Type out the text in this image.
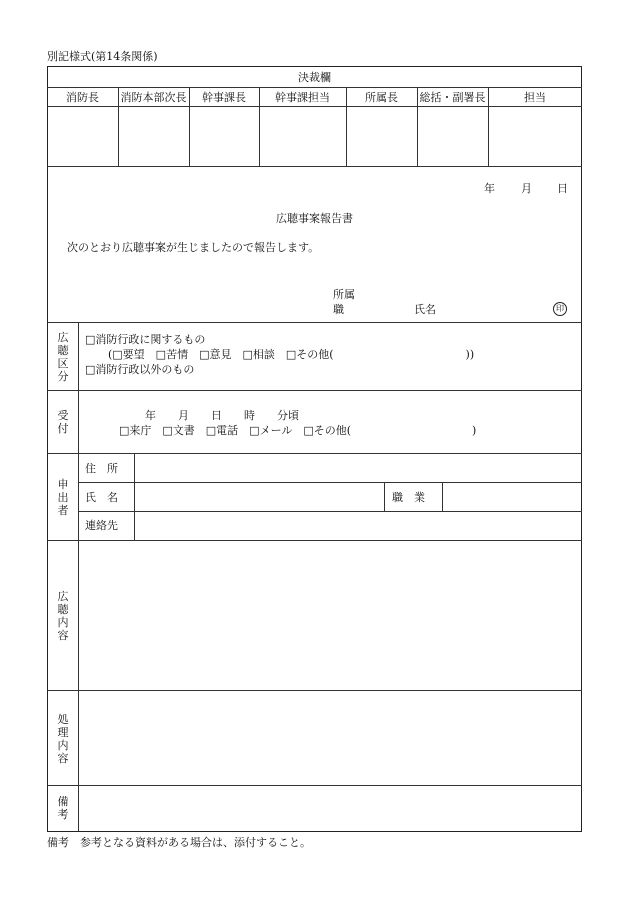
別記様式(第14条関係)
決裁欄
消防長	消防本部次長	幹事課長	幹事課担当	所属長	総括・副署長	担当
年 月 日
広聴事案報告書
次のとおり広聴事案が生じましたので報告します。
所属
職	氏名	印
広聴区分
□消防行政に関するもの
(□要望　□苦情　□意見　□相談　□その他(　　　　　　　　　　　　))
□消防行政以外のもの
受付
年　　月　　日　　時　　分頃
□来庁　□文書　□電話　□メール　□その他(　　　　　　　　　　　)
申出者
住　所
氏　名	職　業
連絡先
広聴内容
処理内容
備考
備考　参考となる資料がある場合は、添付すること。
